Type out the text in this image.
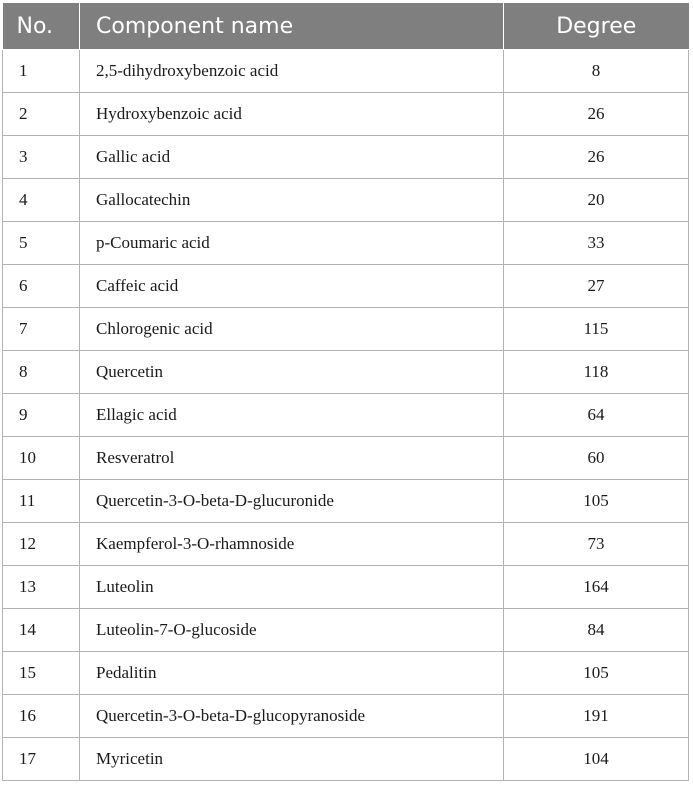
No.	Component name	Degree
1	2,5-dihydroxybenzoic acid	8
2	Hydroxybenzoic acid	26
3	Gallic acid	26
4	Gallocatechin	20
5	p-Coumaric acid	33
6	Caffeic acid	27
7	Chlorogenic acid	115
8	Quercetin	118
9	Ellagic acid	64
10	Resveratrol	60
11	Quercetin-3-O-beta-D-glucuronide	105
12	Kaempferol-3-O-rhamnoside	73
13	Luteolin	164
14	Luteolin-7-O-glucoside	84
15	Pedalitin	105
16	Quercetin-3-O-beta-D-glucopyranoside	191
17	Myricetin	104
